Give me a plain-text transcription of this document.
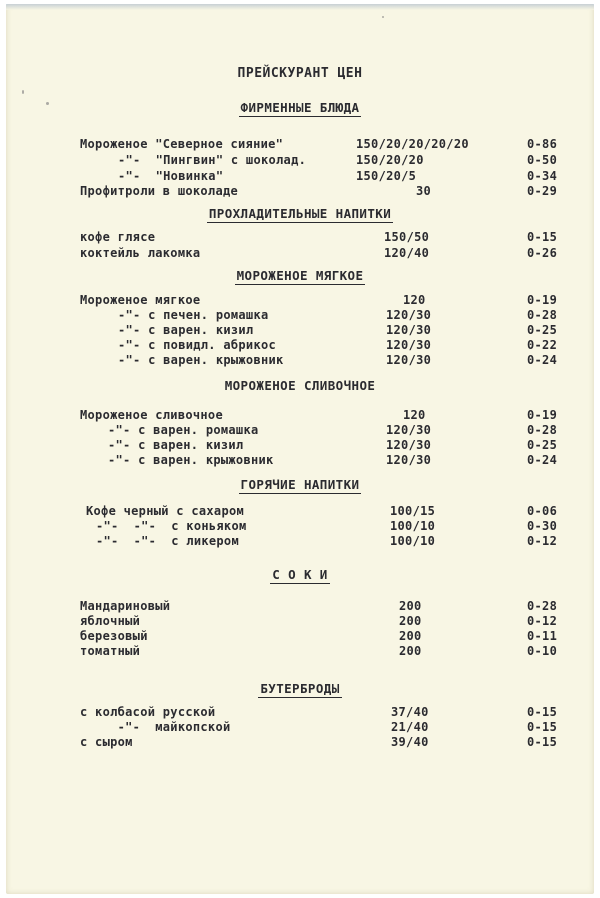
ПРЕЙСКУРАНТ ЦЕН
ФИРМЕННЫЕ БЛЮДА
Мороженое "Северное сияние"	150/20/20/20/20	0-86
-"-  "Пингвин" с шоколад.	150/20/20	0-50
-"-  "Новинка"	150/20/5	0-34
Профитроли в шоколаде	30	0-29
ПРОХЛАДИТЕЛЬНЫЕ НАПИТКИ
кофе глясе	150/50	0-15
коктейль лакомка	120/40	0-26
МОРОЖЕНОЕ МЯГКОЕ
Мороженое мягкое	120	0-19
-"- с печен. ромашка	120/30	0-28
-"- с варен. кизил	120/30	0-25
-"- с повидл. абрикос	120/30	0-22
-"- с варен. крыжовник	120/30	0-24
МОРОЖЕНОЕ СЛИВОЧНОЕ
Мороженое сливочное	120	0-19
-"- с варен. ромашка	120/30	0-28
-"- с варен. кизил	120/30	0-25
-"- с варен. крыжовник	120/30	0-24
ГОРЯЧИЕ НАПИТКИ
Кофе черный с сахаром	100/15	0-06
-"-  -"-  с коньяком	100/10	0-30
-"-  -"-  с ликером	100/10	0-12
С О К И
Мандариновый	200	0-28
яблочный	200	0-12
березовый	200	0-11
томатный	200	0-10
БУТЕРБРОДЫ
с колбасой русской	37/40	0-15
-"-  майкопской	21/40	0-15
с сыром	39/40	0-15
